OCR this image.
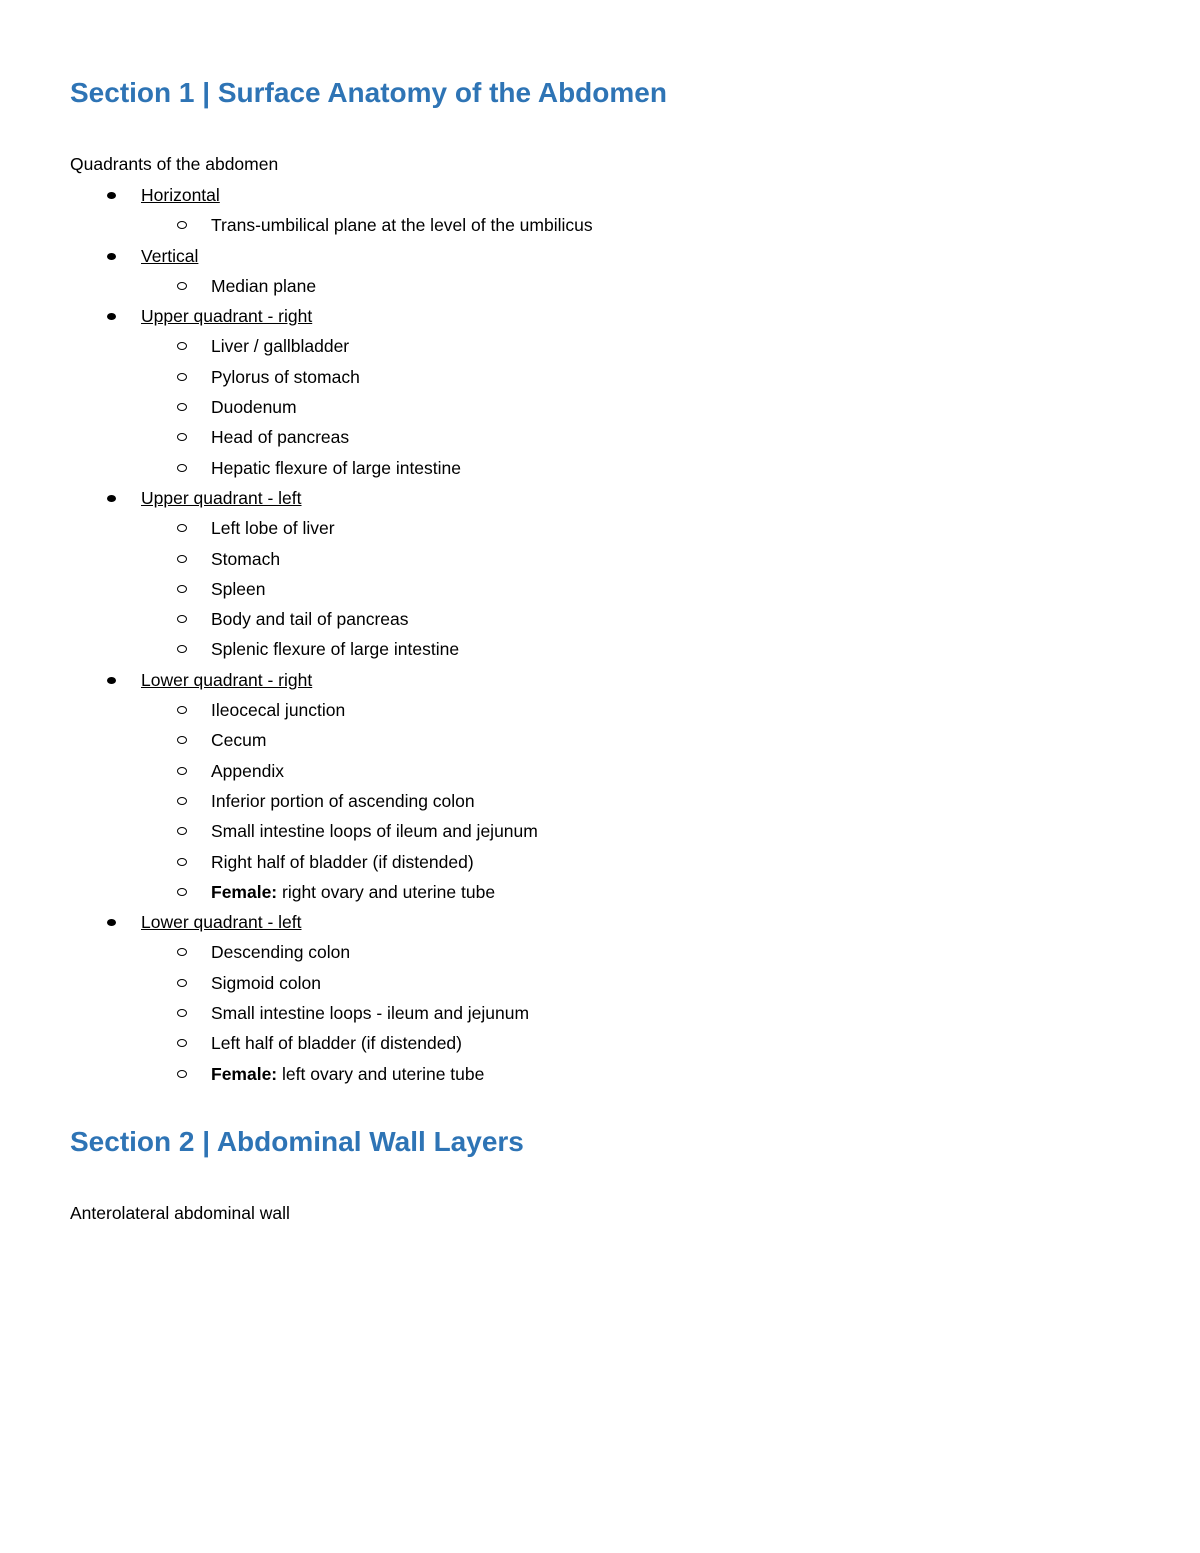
Section 1 | Surface Anatomy of the Abdomen

Quadrants of the abdomen

Horizontal
Trans-umbilical plane at the level of the umbilicus
Vertical
Median plane
Upper quadrant - right
Liver / gallbladder
Pylorus of stomach
Duodenum
Head of pancreas
Hepatic flexure of large intestine
Upper quadrant - left
Left lobe of liver
Stomach
Spleen
Body and tail of pancreas
Splenic flexure of large intestine
Lower quadrant - right
Ileocecal junction
Cecum
Appendix
Inferior portion of ascending colon
Small intestine loops of ileum and jejunum
Right half of bladder (if distended)
Female: right ovary and uterine tube
Lower quadrant - left
Descending colon
Sigmoid colon
Small intestine loops - ileum and jejunum
Left half of bladder (if distended)
Female: left ovary and uterine tube
Section 2 | Abdominal Wall Layers

Anterolateral abdominal wall
